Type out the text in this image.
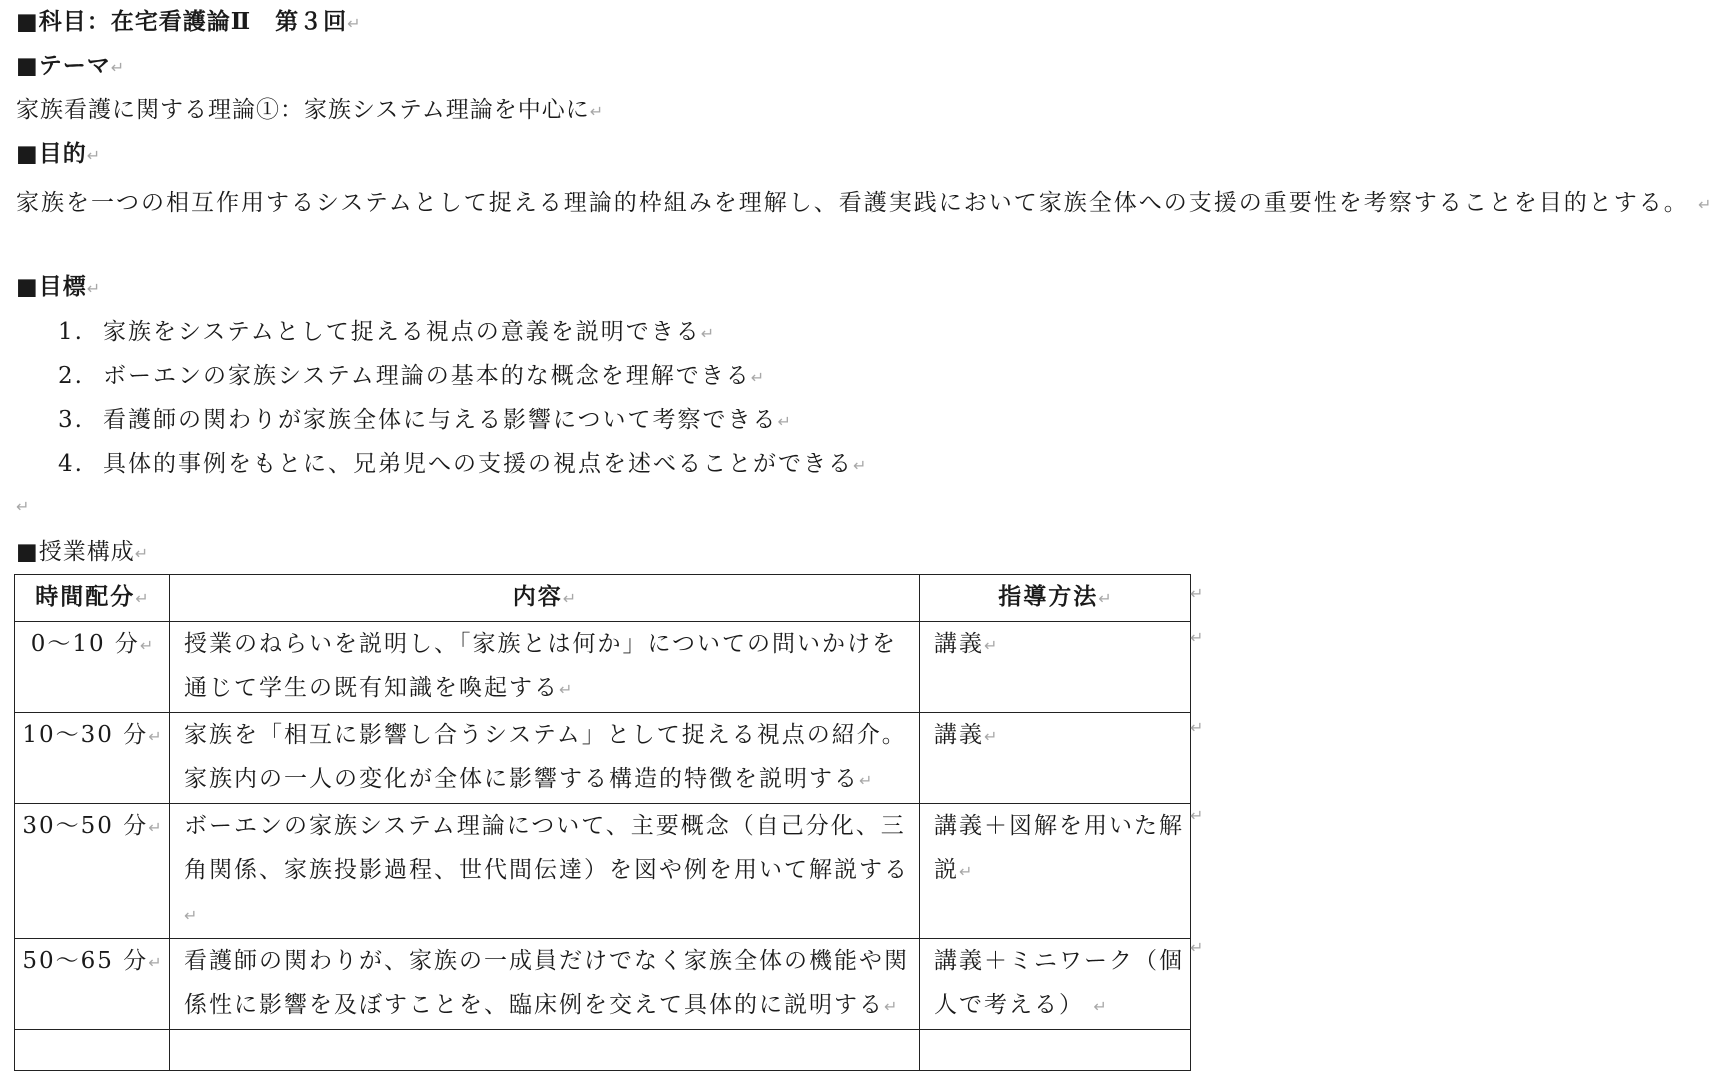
■科目：在宅看護論Ⅱ　第３回↵
■テーマ↵
家族看護に関する理論①：家族システム理論を中心に↵
■目的↵
家族を一つの相互作用するシステムとして捉える理論的枠組みを理解し、看護実践において家族全体への支援の重要性を考察することを目的とする。 ↵
■目標↵
1. 家族をシステムとして捉える視点の意義を説明できる↵
2. ボーエンの家族システム理論の基本的な概念を理解できる↵
3. 看護師の関わりが家族全体に与える影響について考察できる↵
4. 具体的事例をもとに、兄弟児への支援の視点を述べることができる↵
↵
■授業構成↵
時間配分↵	内容↵	指導方法↵
0〜10 分↵	授業のねらいを説明し、「家族とは何か」についての問いかけを通じて学生の既有知識を喚起する↵	講義↵
10〜30 分↵	家族を「相互に影響し合うシステム」として捉える視点の紹介。家族内の一人の変化が全体に影響する構造的特徴を説明する↵	講義↵
30〜50 分↵	ボーエンの家族システム理論について、主要概念（自己分化、三角関係、家族投影過程、世代間伝達）を図や例を用いて解説する↵	講義＋図解を用いた解説↵
50〜65 分↵	看護師の関わりが、家族の一成員だけでなく家族全体の機能や関係性に影響を及ぼすことを、臨床例を交えて具体的に説明する↵	講義＋ミニワーク（個人で考える） ↵

↵
↵
↵
↵
↵
